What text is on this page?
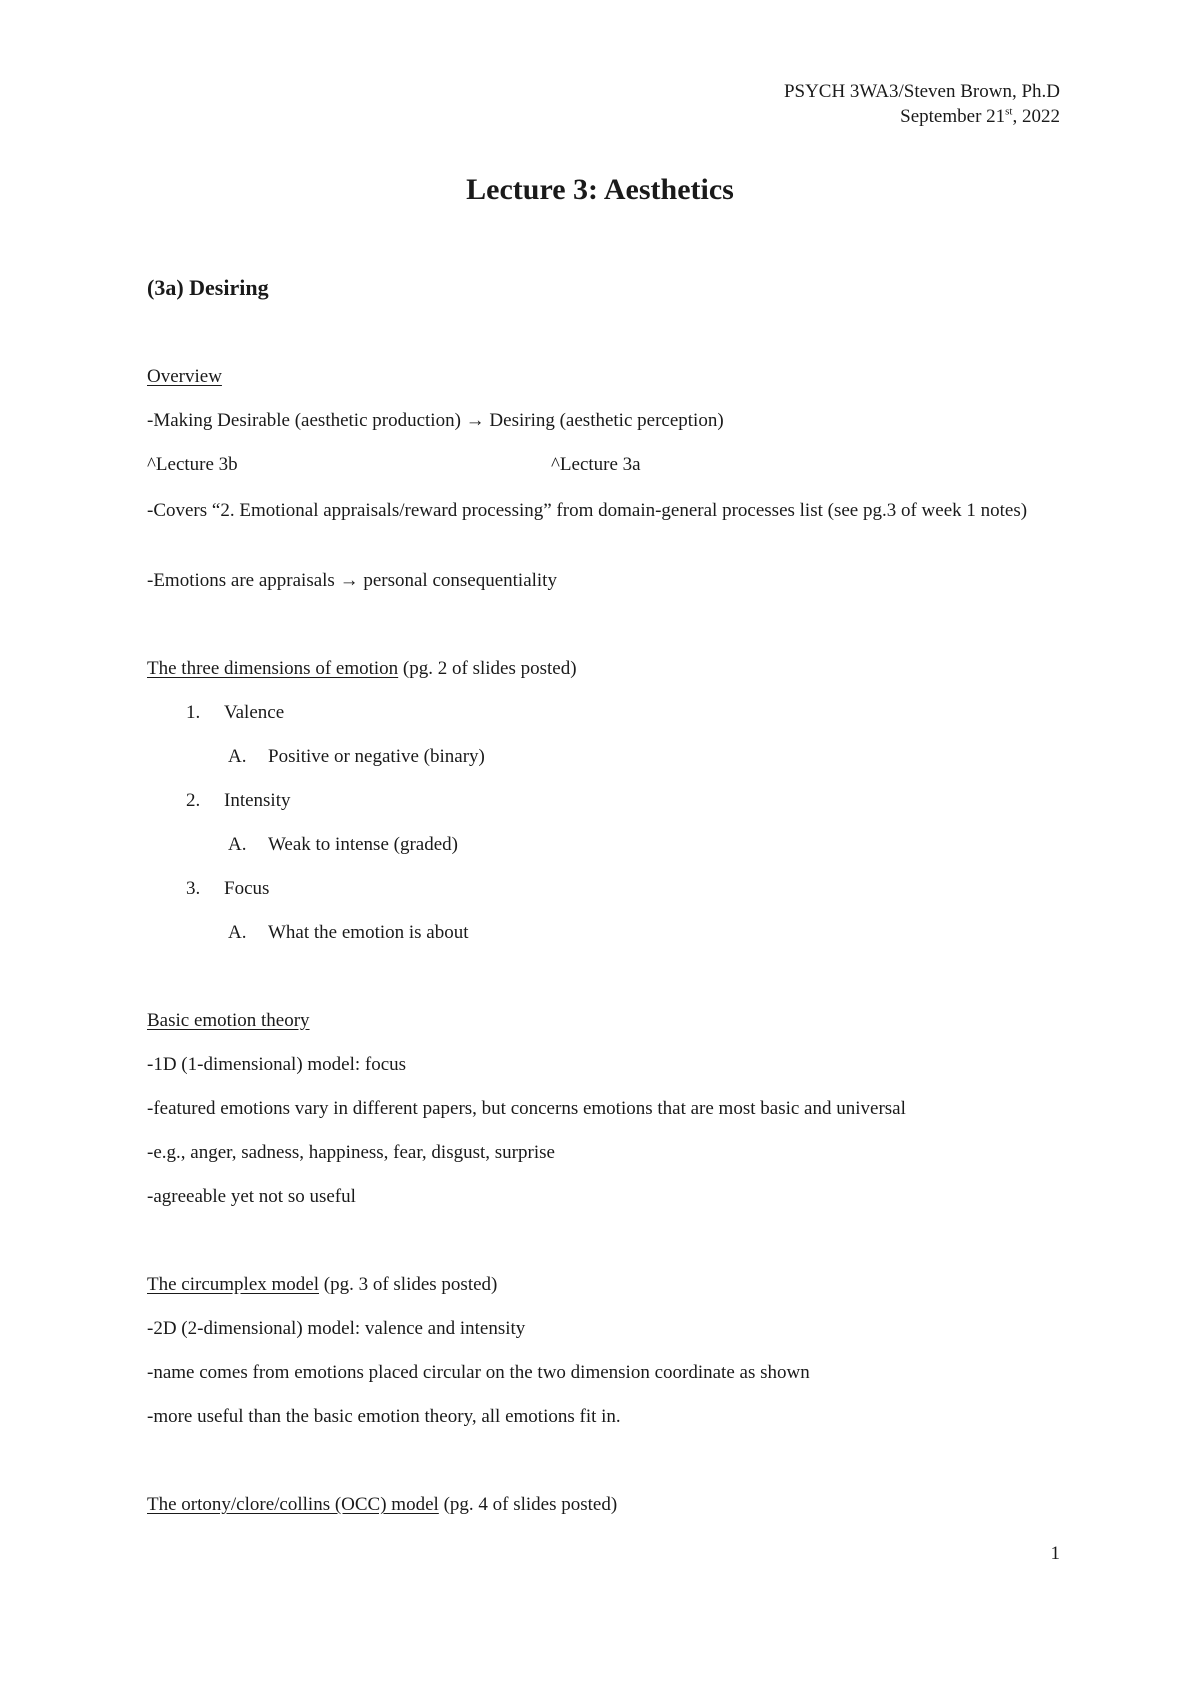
PSYCH 3WA3/Steven Brown, Ph.D
September 21st, 2022
Lecture 3: Aesthetics
(3a) Desiring
Overview
-Making Desirable (aesthetic production) → Desiring (aesthetic perception)
^Lecture 3b	^Lecture 3a
-Covers “2. Emotional appraisals/reward processing” from domain-general processes list (see pg.3 of week 1 notes)
-Emotions are appraisals → personal consequentiality
The three dimensions of emotion (pg. 2 of slides posted)
1. Valence
A. Positive or negative (binary)
2. Intensity
A. Weak to intense (graded)
3. Focus
A. What the emotion is about
Basic emotion theory
-1D (1-dimensional) model: focus
-featured emotions vary in different papers, but concerns emotions that are most basic and universal
-e.g., anger, sadness, happiness, fear, disgust, surprise
-agreeable yet not so useful
The circumplex model (pg. 3 of slides posted)
-2D (2-dimensional) model: valence and intensity
-name comes from emotions placed circular on the two dimension coordinate as shown
-more useful than the basic emotion theory, all emotions fit in.
The ortony/clore/collins (OCC) model (pg. 4 of slides posted)
1
